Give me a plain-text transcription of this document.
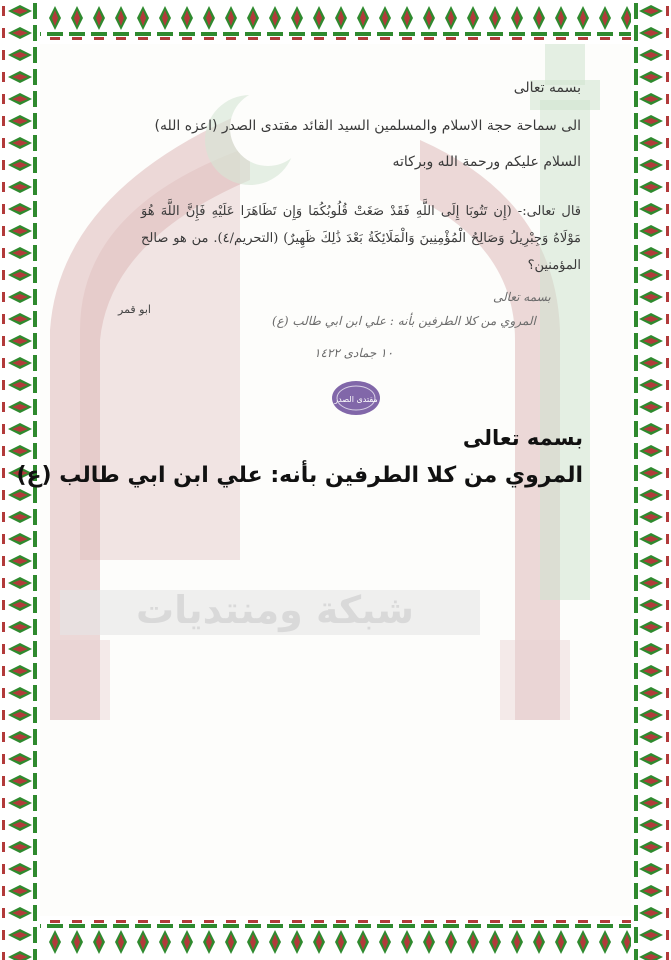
شبكة ومنتديات
بسمه تعالى
الى سماحة حجة الاسلام والمسلمين السيد القائد مقتدى الصدر (اعزه الله)
السلام عليكم ورحمة الله وبركاته
قال تعالى:- (إِن تَتُوبَا إِلَى اللَّهِ فَقَدْ صَغَتْ قُلُوبُكُمَا وَإِن تَظَاهَرَا عَلَيْهِ فَإِنَّ اللَّهَ هُوَ مَوْلَاهُ وَجِبْرِيلُ وَصَالِحُ الْمُؤْمِنِينَ وَالْمَلَائِكَةُ بَعْدَ ذَٰلِكَ ظَهِيرٌ) (التحريم/٤). من هو صالح المؤمنين؟
ابو قمر
بسمه تعالى
المروي من كلا الطرفين بأنه : علي ابن ابي طالب (ع)
١٠ جمادى ١٤٢٢
مقتدى الصدر
بسمه تعالى
المروي من كلا الطرفين بأنه: علي ابن ابي طالب (ع)
